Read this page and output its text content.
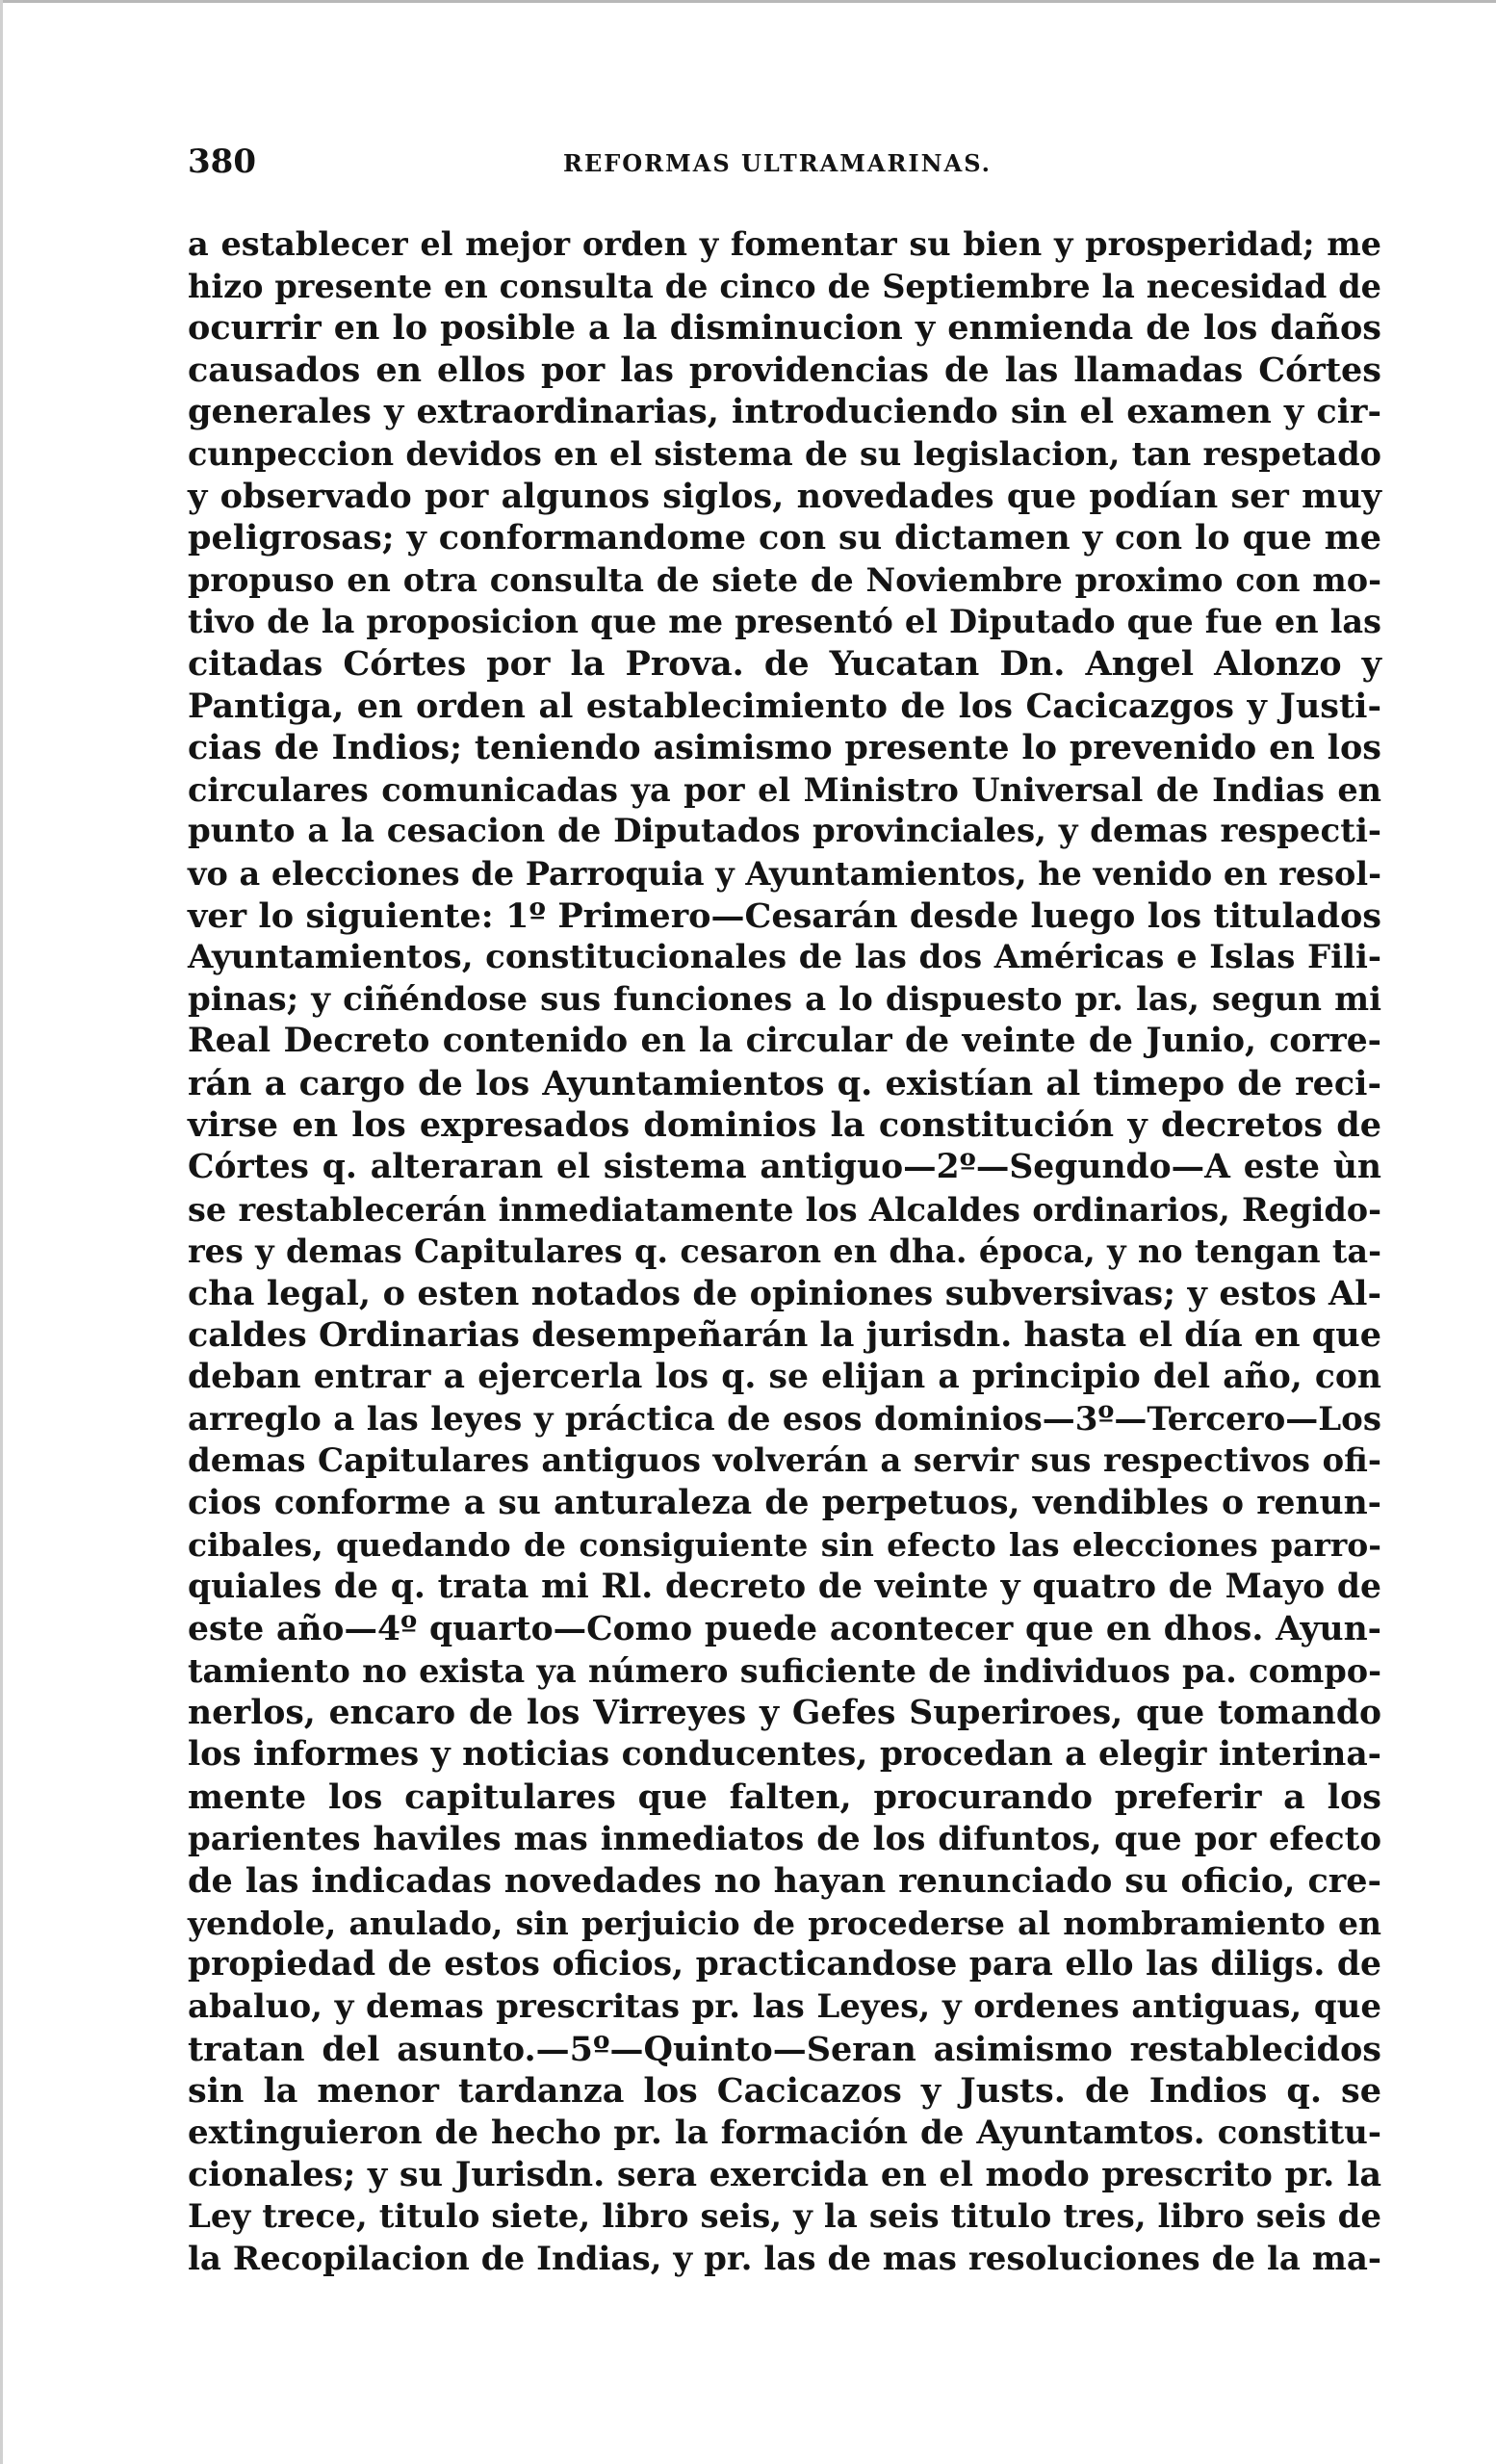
380	REFORMAS ULTRAMARINAS.
a establecer el mejor orden y fomentar su bien y prosperidad; me
hizo presente en consulta de cinco de Septiembre la necesidad de
ocurrir en lo posible a la disminucion y enmienda de los daños
causados en ellos por las providencias de las llamadas Córtes
generales y extraordinarias, introduciendo sin el examen y cir-
cunpeccion devidos en el sistema de su legislacion, tan respetado
y observado por algunos siglos, novedades que podían ser muy
peligrosas; y conformandome con su dictamen y con lo que me
propuso en otra consulta de siete de Noviembre proximo con mo-
tivo de la proposicion que me presentó el Diputado que fue en las
citadas Córtes por la Prova. de Yucatan Dn. Angel Alonzo y
Pantiga, en orden al establecimiento de los Cacicazgos y Justi-
cias de Indios; teniendo asimismo presente lo prevenido en los
circulares comunicadas ya por el Ministro Universal de Indias en
punto a la cesacion de Diputados provinciales, y demas respecti-
vo a elecciones de Parroquia y Ayuntamientos, he venido en resol-
ver lo siguiente: 1º Primero—Cesarán desde luego los titulados
Ayuntamientos, constitucionales de las dos Américas e Islas Fili-
pinas; y ciñéndose sus funciones a lo dispuesto pr. las, segun mi
Real Decreto contenido en la circular de veinte de Junio, corre-
rán a cargo de los Ayuntamientos q. existían al timepo de reci-
virse en los expresados dominios la constitución y decretos de
Córtes q. alteraran el sistema antiguo—2º—Segundo—A este ùn
se restablecerán inmediatamente los Alcaldes ordinarios, Regido-
res y demas Capitulares q. cesaron en dha. época, y no tengan ta-
cha legal, o esten notados de opiniones subversivas; y estos Al-
caldes Ordinarias desempeñarán la jurisdn. hasta el día en que
deban entrar a ejercerla los q. se elijan a principio del año, con
arreglo a las leyes y práctica de esos dominios—3º—Tercero—Los
demas Capitulares antiguos volverán a servir sus respectivos ofi-
cios conforme a su anturaleza de perpetuos, vendibles o renun-
cibales, quedando de consiguiente sin efecto las elecciones parro-
quiales de q. trata mi Rl. decreto de veinte y quatro de Mayo de
este año—4º quarto—Como puede acontecer que en dhos. Ayun-
tamiento no exista ya número suficiente de individuos pa. compo-
nerlos, encaro de los Virreyes y Gefes Superiroes, que tomando
los informes y noticias conducentes, procedan a elegir interina-
mente los capitulares que falten, procurando preferir a los
parientes haviles mas inmediatos de los difuntos, que por efecto
de las indicadas novedades no hayan renunciado su oficio, cre-
yendole, anulado, sin perjuicio de procederse al nombramiento en
propiedad de estos oficios, practicandose para ello las diligs. de
abaluo, y demas prescritas pr. las Leyes, y ordenes antiguas, que
tratan del asunto.—5º—Quinto—Seran asimismo restablecidos
sin la menor tardanza los Cacicazos y Justs. de Indios q. se
extinguieron de hecho pr. la formación de Ayuntamtos. constitu-
cionales; y su Jurisdn. sera exercida en el modo prescrito pr. la
Ley trece, titulo siete, libro seis, y la seis titulo tres, libro seis de
la Recopilacion de Indias, y pr. las de mas resoluciones de la ma-
